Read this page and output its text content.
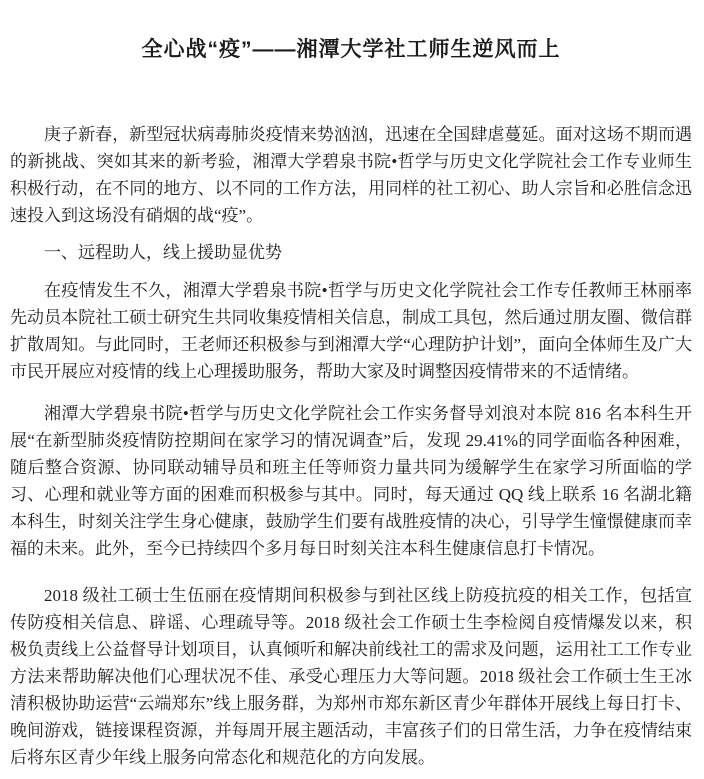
全心战“疫”——湘潭大学社工师生逆风而上

庚子新春，新型冠状病毒肺炎疫情来势汹汹，迅速在全国肆虐蔓延。面对这场不期而遇的新挑战、突如其来的新考验，湘潭大学碧泉书院•哲学与历史文化学院社会工作专业师生积极行动，在不同的地方、以不同的工作方法，用同样的社工初心、助人宗旨和必胜信念迅速投入到这场没有硝烟的战“疫”。

一、远程助人，线上援助显优势

在疫情发生不久，湘潭大学碧泉书院•哲学与历史文化学院社会工作专任教师王林丽率先动员本院社工硕士研究生共同收集疫情相关信息，制成工具包，然后通过朋友圈、微信群扩散周知。与此同时，王老师还积极参与到湘潭大学“心理防护计划”，面向全体师生及广大市民开展应对疫情的线上心理援助服务，帮助大家及时调整因疫情带来的不适情绪。

湘潭大学碧泉书院•哲学与历史文化学院社会工作实务督导刘浪对本院 816 名本科生开展“在新型肺炎疫情防控期间在家学习的情况调查”后，发现 29.41%的同学面临各种困难，随后整合资源、协同联动辅导员和班主任等师资力量共同为缓解学生在家学习所面临的学习、心理和就业等方面的困难而积极参与其中。同时，每天通过 QQ 线上联系 16 名湖北籍本科生，时刻关注学生身心健康，鼓励学生们要有战胜疫情的决心，引导学生憧憬健康而幸福的未来。此外，至今已持续四个多月每日时刻关注本科生健康信息打卡情况。

2018 级社工硕士生伍丽在疫情期间积极参与到社区线上防疫抗疫的相关工作，包括宣传防疫相关信息、辟谣、心理疏导等。2018 级社会工作硕士生李检阅自疫情爆发以来，积极负责线上公益督导计划项目，认真倾听和解决前线社工的需求及问题，运用社工工作专业方法来帮助解决他们心理状况不佳、承受心理压力大等问题。2018 级社会工作硕士生王冰清积极协助运营“云端郑东”线上服务群，为郑州市郑东新区青少年群体开展线上每日打卡、晚间游戏，链接课程资源，并每周开展主题活动，丰富孩子们的日常生活，力争在疫情结束后将东区青少年线上服务向常态化和规范化的方向发展。
